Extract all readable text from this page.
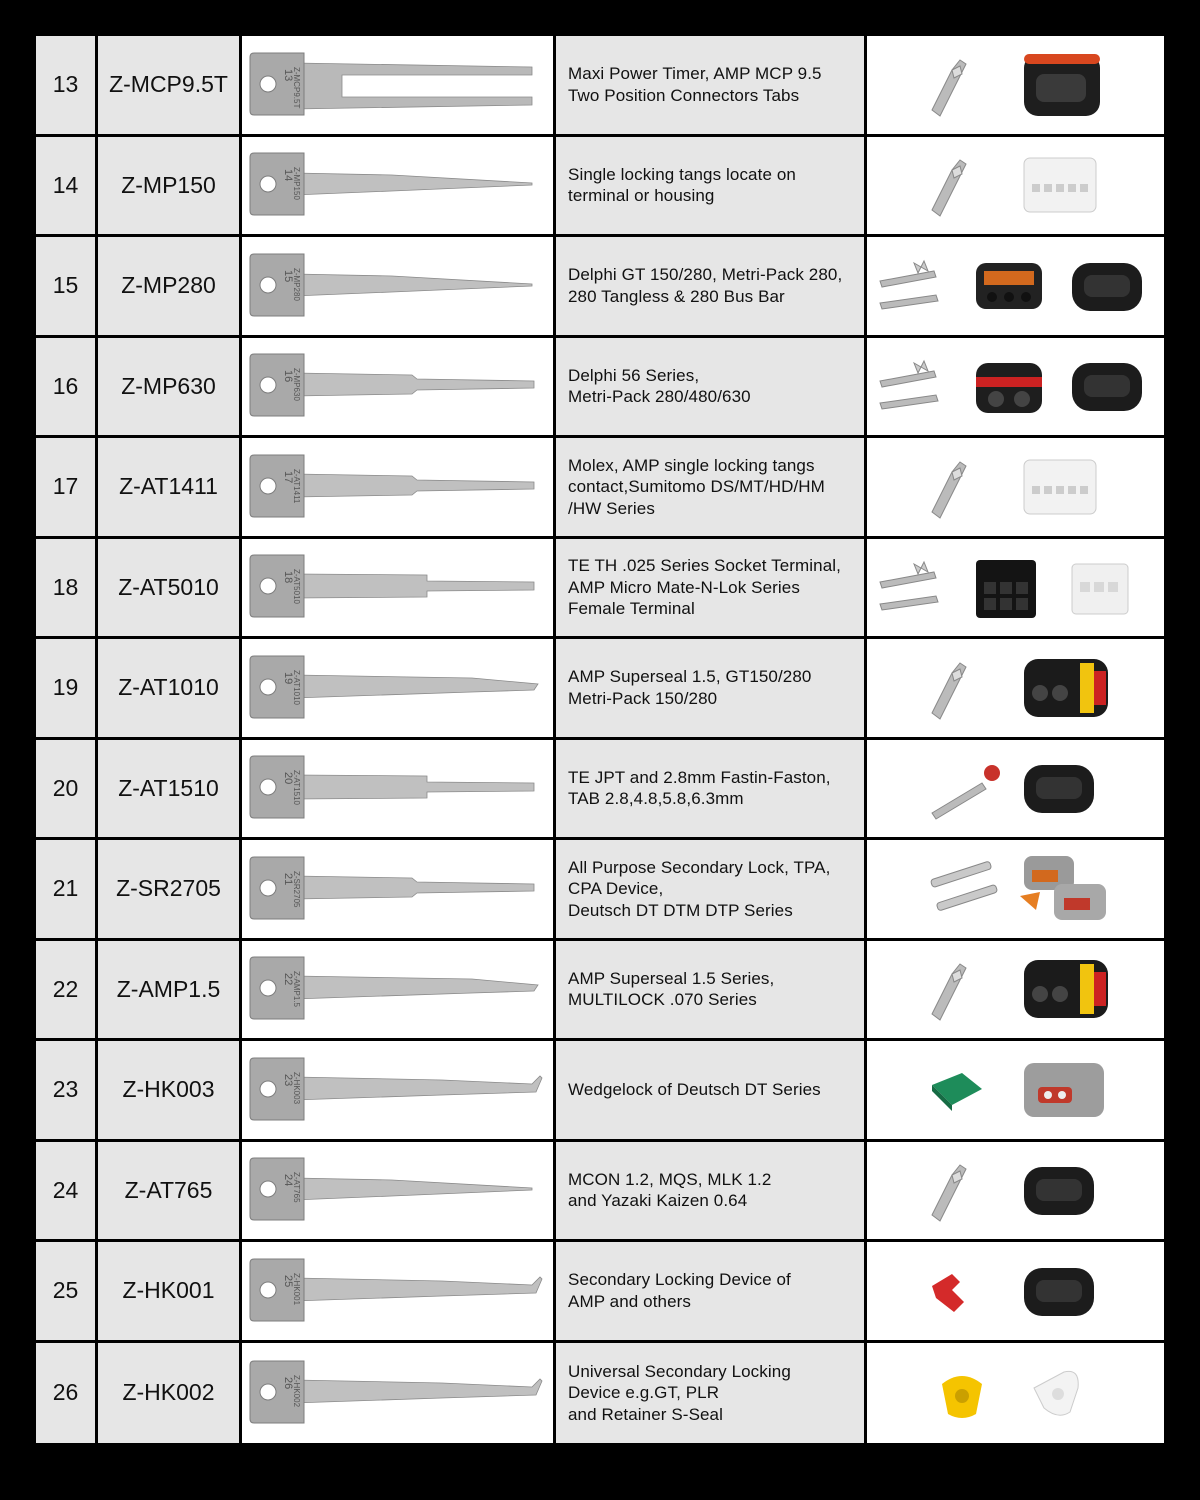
13	Z-MCP9.5T	Z-MCP9.5T
13	Maxi Power Timer, AMP MCP 9.5
Two Position Connectors Tabs
14	Z-MP150	Z-MP150
14	Single locking tangs locate on
terminal or housing
15	Z-MP280	Z-MP280
15	Delphi GT 150/280, Metri-Pack 280,
280 Tangless & 280 Bus Bar
16	Z-MP630	Z-MP630
16	Delphi 56 Series,
Metri-Pack 280/480/630
17	Z-AT1411	Z-AT1411
17
Molex, AMP single locking tangs
contact,Sumitomo DS/MT/HD/HM
/HW Series
18	Z-AT5010	Z-AT5010
18
TE TH .025 Series Socket Terminal,
AMP Micro Mate-N-Lok Series
Female Terminal
19	Z-AT1010	Z-AT1010
19	AMP Superseal 1.5, GT150/280
Metri-Pack 150/280
20	Z-AT1510	Z-AT1510
20	TE JPT and 2.8mm Fastin-Faston,
TAB 2.8,4.8,5.8,6.3mm
21	Z-SR2705	Z-SR2705
21
All Purpose Secondary Lock, TPA,
CPA Device,
Deutsch DT DTM DTP Series
22	Z-AMP1.5	Z-AMP1.5
22	AMP Superseal 1.5 Series,
MULTILOCK .070 Series
23	Z-HK003	Z-HK003
23
Wedgelock of Deutsch DT Series
24	Z-AT765	Z-AT765
24	MCON 1.2, MQS, MLK 1.2
and Yazaki Kaizen 0.64
25	Z-HK001	Z-HK001
25	Secondary Locking Device of
AMP and others
26	Z-HK002	Z-HK002
26
Universal Secondary Locking
Device e.g.GT, PLR
and Retainer S-Seal
